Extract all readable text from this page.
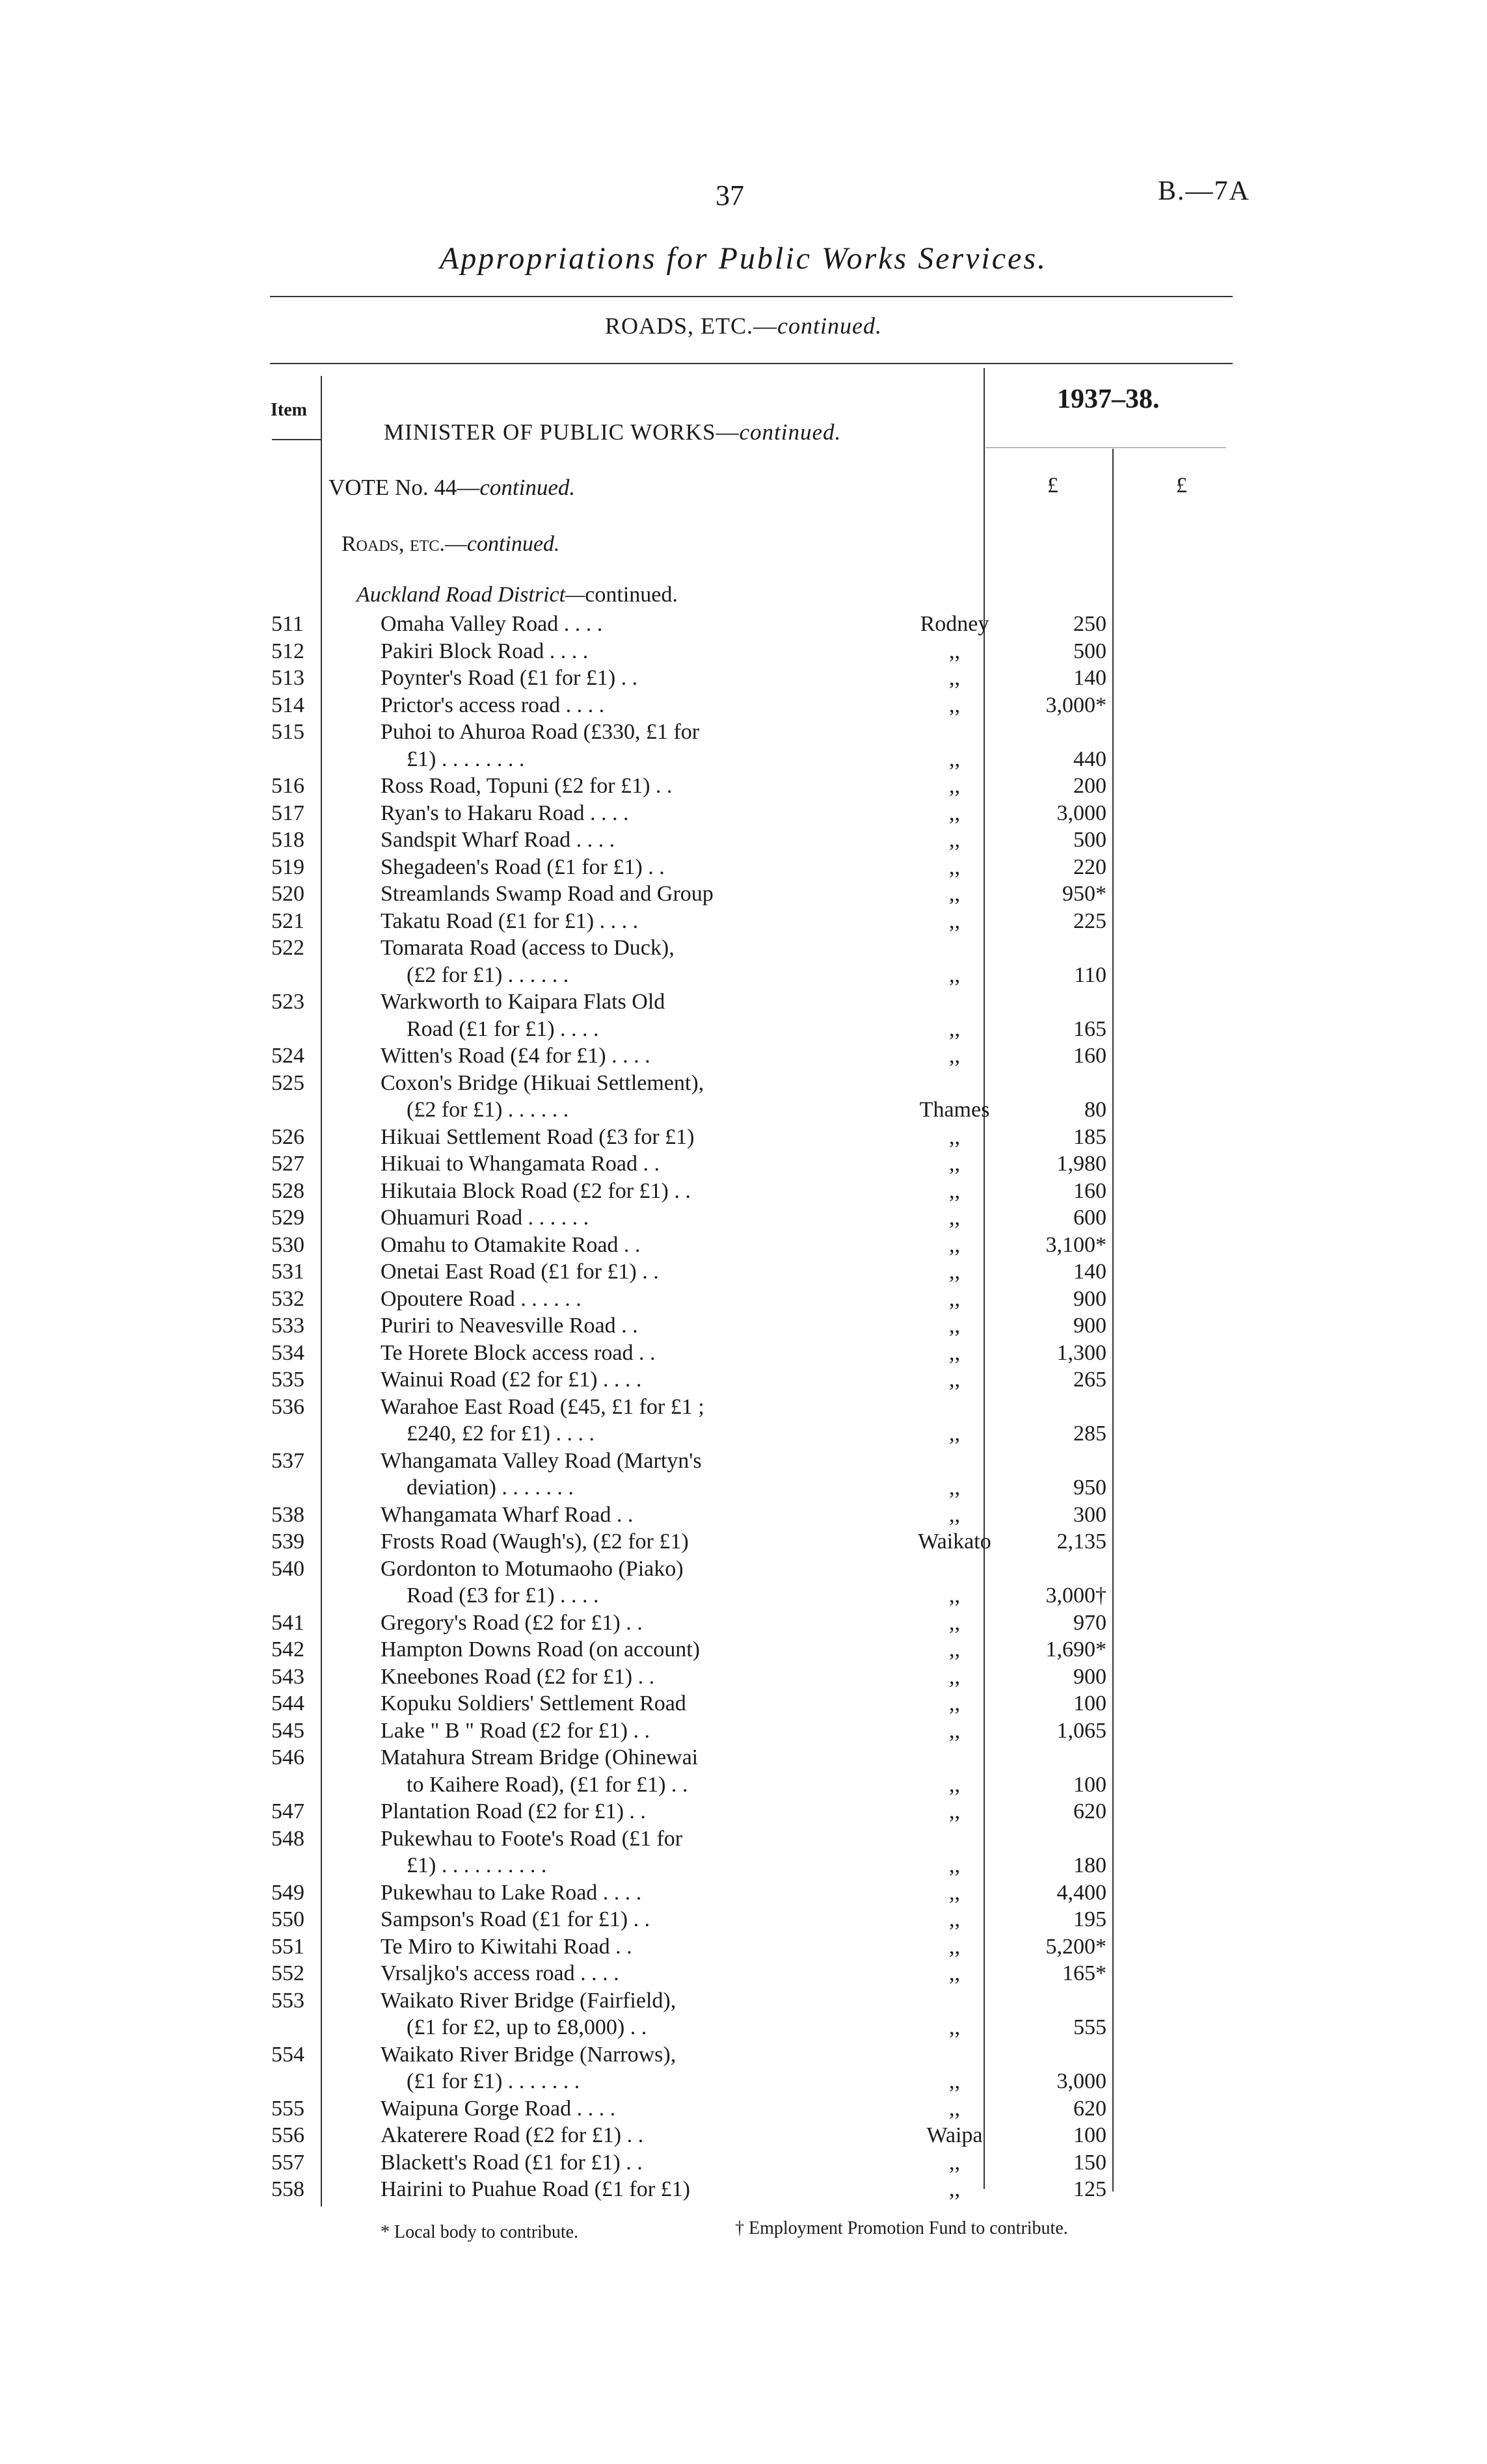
37	B.—7A
Appropriations for Public Works Services.
ROADS, ETC.—continued.
Item	1937–38.
MINISTER OF PUBLIC WORKS—continued.
VOTE No. 44—continued.
Roads, etc.—continued.
£	£
Auckland Road District—continued.
511	Omaha Valley Road . . . .	Rodney	250
512	Pakiri Block Road . . . .	,,	500
513	Poynter's Road (£1 for £1) . .	,,	140
514	Prictor's access road . . . .	,,	3,000*
515	Puhoi to Ahuroa Road (£330, £1 for
£1) . . . . . . . .	,,	440
516	Ross Road, Topuni (£2 for £1) . .	,,	200
517	Ryan's to Hakaru Road . . . .	,,	3,000
518	Sandspit Wharf Road . . . .	,,	500
519	Shegadeen's Road (£1 for £1) . .	,,	220
520	Streamlands Swamp Road and Group	,,	950*
521	Takatu Road (£1 for £1) . . . .	,,	225
522	Tomarata Road (access to Duck),
(£2 for £1) . . . . . .	,,	110
523	Warkworth to Kaipara Flats Old
Road (£1 for £1) . . . .	,,	165
524	Witten's Road (£4 for £1) . . . .	,,	160
525	Coxon's Bridge (Hikuai Settlement),
(£2 for £1) . . . . . .	Thames	80
526	Hikuai Settlement Road (£3 for £1)	,,	185
527	Hikuai to Whangamata Road . .	,,	1,980
528	Hikutaia Block Road (£2 for £1) . .	,,	160
529	Ohuamuri Road . . . . . .	,,	600
530	Omahu to Otamakite Road . .	,,	3,100*
531	Onetai East Road (£1 for £1) . .	,,	140
532	Opoutere Road . . . . . .	,,	900
533	Puriri to Neavesville Road . .	,,	900
534	Te Horete Block access road . .	,,	1,300
535	Wainui Road (£2 for £1) . . . .	,,	265
536	Warahoe East Road (£45, £1 for £1 ;
£240, £2 for £1) . . . .	,,	285
537	Whangamata Valley Road (Martyn's
deviation) . . . . . . .	,,	950
538	Whangamata Wharf Road . .	,,	300
539	Frosts Road (Waugh's), (£2 for £1)	Waikato	2,135
540	Gordonton to Motumaoho (Piako)
Road (£3 for £1) . . . .	,,	3,000†
541	Gregory's Road (£2 for £1) . .	,,	970
542	Hampton Downs Road (on account)	,,	1,690*
543	Kneebones Road (£2 for £1) . .	,,	900
544	Kopuku Soldiers' Settlement Road	,,	100
545	Lake " B " Road (£2 for £1) . .	,,	1,065
546	Matahura Stream Bridge (Ohinewai
to Kaihere Road), (£1 for £1) . .	,,	100
547	Plantation Road (£2 for £1) . .	,,	620
548	Pukewhau to Foote's Road (£1 for
£1) . . . . . . . . . .	,,	180
549	Pukewhau to Lake Road . . . .	,,	4,400
550	Sampson's Road (£1 for £1) . .	,,	195
551	Te Miro to Kiwitahi Road . .	,,	5,200*
552	Vrsaljko's access road . . . .	,,	165*
553	Waikato River Bridge (Fairfield),
(£1 for £2, up to £8,000) . .	,,	555
554	Waikato River Bridge (Narrows),
(£1 for £1) . . . . . . .	,,	3,000
555	Waipuna Gorge Road . . . .	,,	620
556	Akaterere Road (£2 for £1) . .	Waipa	100
557	Blackett's Road (£1 for £1) . .	,,	150
558	Hairini to Puahue Road (£1 for £1)	,,	125
* Local body to contribute.	† Employment Promotion Fund to contribute.
